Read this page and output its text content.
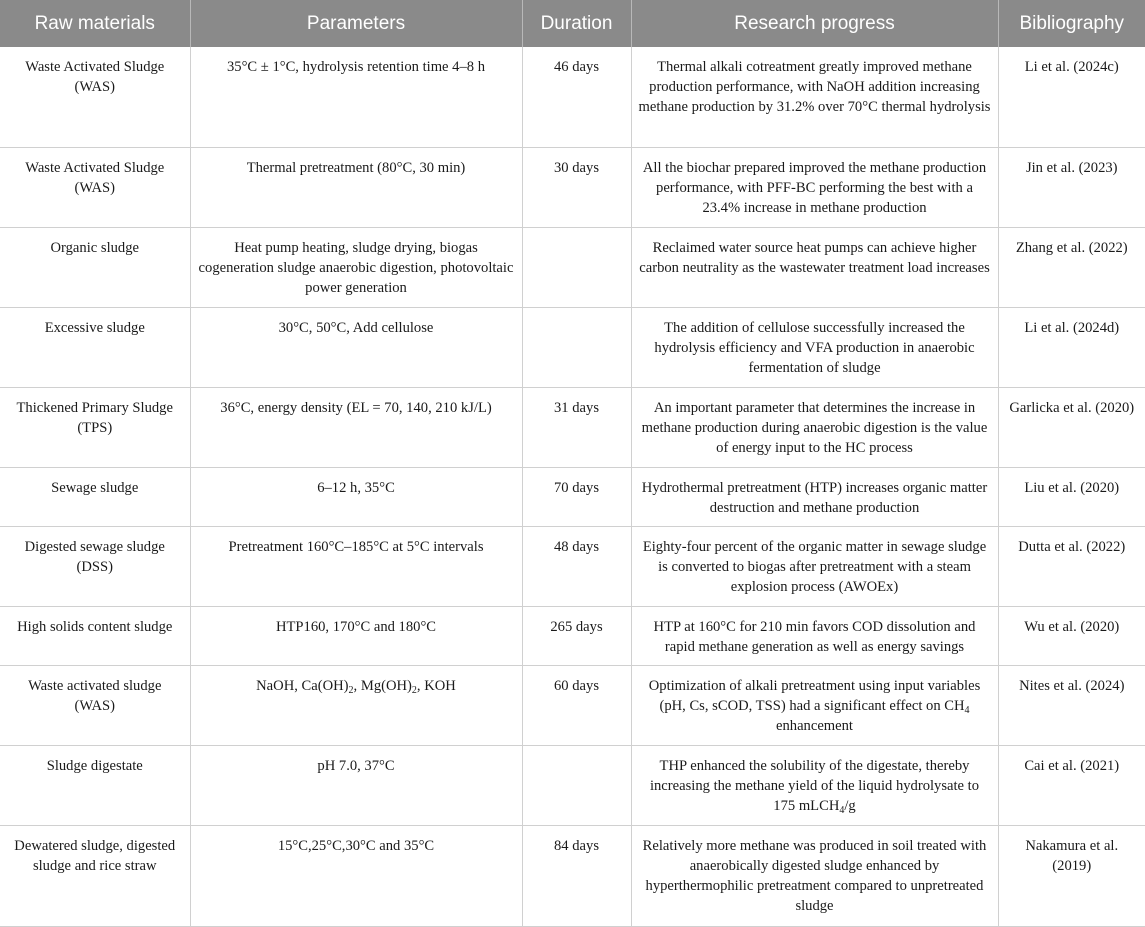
Raw materials	Parameters	Duration	Research progress	Bibliography
Waste Activated Sludge (WAS)	35°C ± 1°C, hydrolysis retention time 4–8 h	46 days	Thermal alkali cotreatment greatly improved methane production performance, with NaOH addition increasing methane production by 31.2% over 70°C thermal hydrolysis	Li et al. (2024c)
Waste Activated Sludge (WAS)	Thermal pretreatment (80°C, 30 min)	30 days	All the biochar prepared improved the methane production performance, with PFF-BC performing the best with a 23.4% increase in methane production	Jin et al. (2023)
Organic sludge	Heat pump heating, sludge drying, biogas cogeneration sludge anaerobic digestion, photovoltaic power generation		Reclaimed water source heat pumps can achieve higher carbon neutrality as the wastewater treatment load increases	Zhang et al. (2022)
Excessive sludge	30°C, 50°C, Add cellulose		The addition of cellulose successfully increased the hydrolysis efficiency and VFA production in anaerobic fermentation of sludge	Li et al. (2024d)
Thickened Primary Sludge (TPS)	36°C, energy density (EL = 70, 140, 210 kJ/L)	31 days	An important parameter that determines the increase in methane production during anaerobic digestion is the value of energy input to the HC process	Garlicka et al. (2020)
Sewage sludge	6–12 h, 35°C	70 days	Hydrothermal pretreatment (HTP) increases organic matter destruction and methane production	Liu et al. (2020)
Digested sewage sludge (DSS)	Pretreatment 160°C–185°C at 5°C intervals	48 days	Eighty-four percent of the organic matter in sewage sludge is converted to biogas after pretreatment with a steam explosion process (AWOEx)	Dutta et al. (2022)
High solids content sludge	HTP160, 170°C and 180°C	265 days	HTP at 160°C for 210 min favors COD dissolution and rapid methane generation as well as energy savings	Wu et al. (2020)
Waste activated sludge (WAS)	NaOH, $Ca(OH)_2$, $Mg(OH)_2$, KOH	60 days	Optimization of alkali pretreatment using input variables (pH, Cs, sCOD, TSS) had a significant effect on $CH_4$ enhancement	Nites et al. (2024)
Sludge digestate	pH 7.0, 37°C		THP enhanced the solubility of the digestate, thereby increasing the methane yield of the liquid hydrolysate to 175 mLCH$_4$/g	Cai et al. (2021)
Dewatered sludge, digested sludge and rice straw	15°C,25°C,30°C and 35°C	84 days	Relatively more methane was produced in soil treated with anaerobically digested sludge enhanced by hyperthermophilic pretreatment compared to unpretreated sludge	Nakamura et al. (2019)
